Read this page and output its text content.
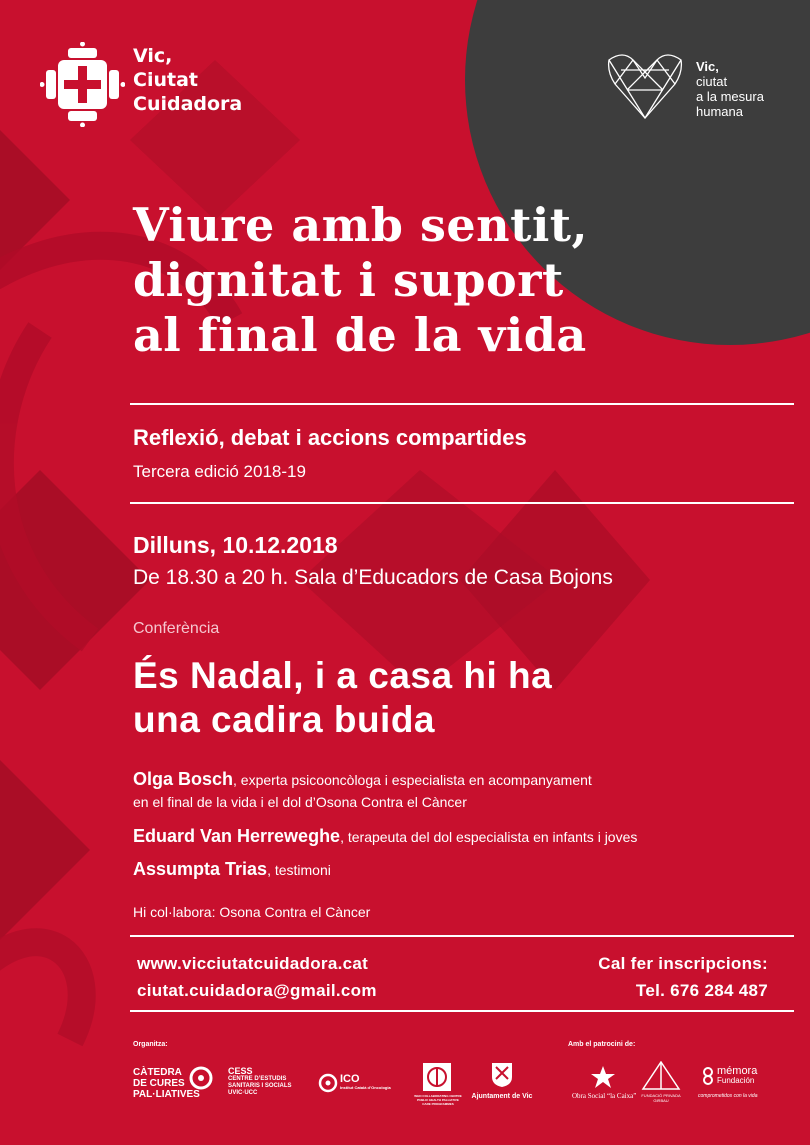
Vic,
Ciutat
Cuidadora
Vic,
ciutat
a la mesura
humana
Viure amb sentit,
dignitat i suport
al final de la vida
Reflexió, debat i accions compartides
Tercera edició 2018-19
Dilluns, 10.12.2018
De 18.30 a 20 h. Sala d’Educadors de Casa Bojons
Conferència
És Nadal, i a casa hi ha
una cadira buida
Olga Bosch, experta psicooncòloga i especialista en acompanyament
en el final de la vida i el dol d’Osona Contra el Càncer
Eduard Van Herreweghe, terapeuta del dol especialista en infants i joves
Assumpta Trias, testimoni
Hi col·labora: Osona Contra el Càncer
www.vicciutatcuidadora.cat
ciutat.cuidadora@gmail.com
Cal fer inscripcions:
Tel. 676 284 487
Organitza:	Amb el patrocini de:
CÀTEDRA
DE CURES
PAL·LIATIVES
CESS
CENTRE D’ESTUDIS
SANITARIS I SOCIALS
UVIC·UCC
ICO
Institut Català d’Oncologia
WHO COLLABORATING CENTRE
PUBLIC HEALTH PALLIATIVE
CARE PROGRAMMES
Ajuntament de Vic	Obra Social “la Caixa”	FUNDACIÓ PRIVADA
GIRBAU
mémora
Fundación
comprometidos con la vida
